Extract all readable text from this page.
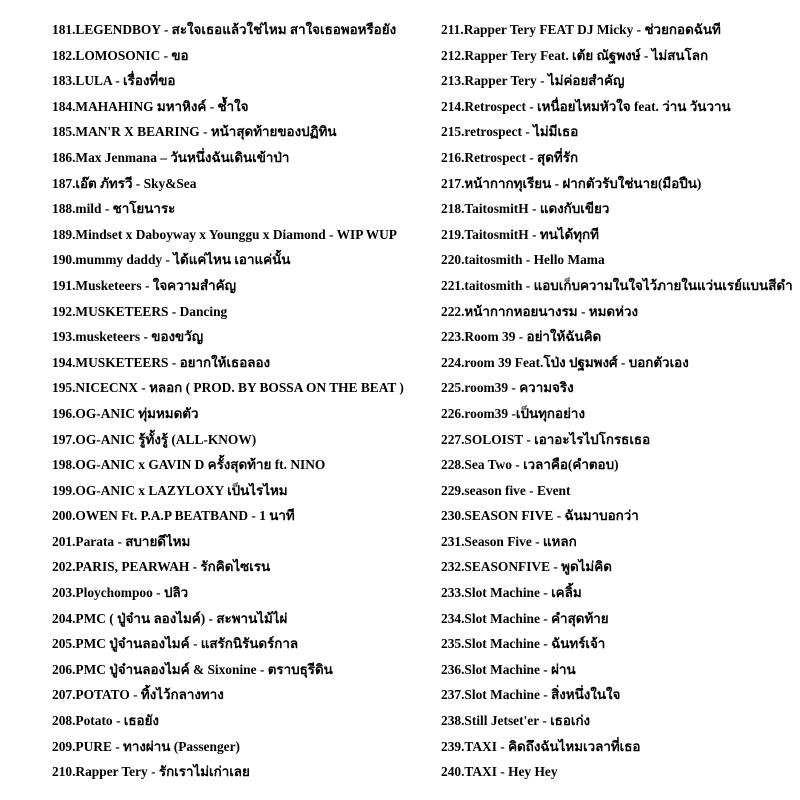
181.LEGENDBOY - สะใจเธอแล้วใช่ไหม สาใจเธอพอหรือยัง
182.LOMOSONIC - ขอ
183.LULA - เรื่องที่ขอ
184.MAHAHING มหาหิงค์ - ช้ำใจ
185.MAN'R X BEARING - หน้าสุดท้ายของปฏิทิน
186.Max Jenmana – วันหนึ่งฉันเดินเข้าป่า
187.เอ๊ต ภัทรวี - Sky&Sea
188.mild - ชาโยนาระ
189.Mindset x Daboyway x Younggu x Diamond - WIP WUP
190.mummy daddy - ได้แค่ไหน เอาแค่นั้น
191.Musketeers - ใจความสำคัญ
192.MUSKETEERS - Dancing
193.musketeers - ของขวัญ
194.MUSKETEERS - อยากให้เธอลอง
195.NICECNX - หลอก ( PROD. BY BOSSA ON THE BEAT )
196.OG-ANIC ทุ่มหมดตัว
197.OG-ANIC รู้ทั้งรู้ (ALL-KNOW)
198.OG-ANIC x GAVIN D ครั้งสุดท้าย ft. NINO
199.OG-ANIC x LAZYLOXY เป็นไรไหม
200.OWEN Ft. P.A.P BEATBAND - 1 นาที
201.Parata - สบายดีไหม
202.PARIS, PEARWAH - รักคิดไซเรน
203.Ploychompoo - ปลิว
204.PMC ( ปู่จ๋าน ลองไมค์) - สะพานไม้ไผ่
205.PMC ปู่จ๋านลองไมค์ - แสรักนิรันดร์กาล
206.PMC ปู่จ๋านลองไมค์ & Sixonine - ตราบธุรีดิน
207.POTATO - ทิ้งไว้กลางทาง
208.Potato - เธอยัง
209.PURE - ทางผ่าน (Passenger)
210.Rapper Tery - รักเราไม่เก่าเลย
211.Rapper Tery FEAT DJ Micky - ช่วยกอดฉันที
212.Rapper Tery Feat. เต้ย ณัฐพงษ์ - ไม่สนโลก
213.Rapper Tery - ไม่ค่อยสำคัญ
214.Retrospect - เหนื่อยไหมหัวใจ feat. ว่าน วันวาน
215.retrospect - ไม่มีเธอ
216.Retrospect - สุดที่รัก
217.หน้ากากทุเรียน - ฝากตัวรับใช่นาย(มือปืน)
218.TaitosmitH - แดงกับเขียว
219.TaitosmitH - ทนได้ทุกที
220.taitosmith - Hello Mama
221.taitosmith - แอบเก็บความในใจไว้ภายในแว่นเรย์แบนสีดำ
222.หน้ากากหอยนางรม - หมดห่วง
223.Room 39 - อย่าให้ฉันคิด
224.room 39 Feat.โป่ง ปฐมพงศ์ - บอกตัวเอง
225.room39 - ความจริง
226.room39 -เป็นทุกอย่าง
227.SOLOIST - เอาอะไรไปโกรธเธอ
228.Sea Two - เวลาคือ(คำตอบ)
229.season five - Event
230.SEASON FIVE - ฉันมาบอกว่า
231.Season Five - แหลก
232.SEASONFIVE - พูดไม่คิด
233.Slot Machine - เคลิ้ม
234.Slot Machine - คำสุดท้าย
235.Slot Machine - ฉันทร์เจ้า
236.Slot Machine - ผ่าน
237.Slot Machine - สิ่งหนึ่งในใจ
238.Still Jetset'er - เธอเก่ง
239.TAXI - คิดถึงฉันไหมเวลาที่เธอ
240.TAXI - Hey Hey
